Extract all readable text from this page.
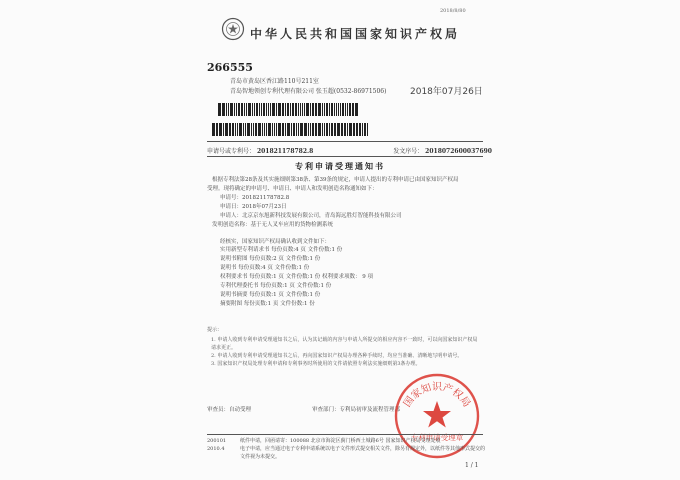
2018/8/80
中华人民共和国国家知识产权局
266555
青岛市黄岛区香江路110号211室
青岛智地领创专利代理有限公司 张玉超(0532-86971506)	2018年07月26日
申请号或专利号： 201821178782.8	发文序号： 2018072600037690
专利申请受理通知书
根据专利法第28条及其实施细则第38条、第39条的规定，申请人提出的专利申请已由国家知识产权局
受理。现将确定的申请号、申请日、申请人和发明创造名称通知如下：
申请号：201821178782.8
申请日：2018年07月23日
申请人：北京京东旭新科技发展有限公司，青岛海远胜灯智能科技有限公司
发明创造名称：基于无人叉车应用的货物检测系统
经核实，国家知识产权局确认收到文件如下：
实用新型专利请求书 每份页数:4 页 文件份数:1 份
说明书附图 每份页数:2 页 文件份数:1 份
说明书 每份页数:4 页 文件份数:1 份
权利要求书 每份页数:1 页 文件份数:1 份 权利要求项数： 9 项
专利代理委托书 每份页数:1 页 文件份数:1 份
说明书摘要 每份页数:1 页 文件份数:1 份
摘要附图 每份页数:1 页 文件份数:1 份
提示：
1. 申请人收到专利申请受理通知书之后，认为其记载的内容与申请人所提交的相应内容不一致时，可以向国家知识产权局
请求更正。
2. 申请人收到专利申请受理通知书之后，再向国家知识产权局办理各种手续时，均应当准确、清晰地写明申请号。
3. 国家知识产权局处理专利申请和专利事务时所使用的文件请依照专利法实施细则第3条办理。
审查员：自动受理	审查部门：专利局初审及流程管理部
国家知识产权局
专利申请受理章
200101
2010.4
纸件申请，回函请寄：100088 北京市海淀区蓟门桥西土城路6号 国家知识产权局受理处收
电子申请，应当通过电子专利申请系统以电子文件形式提交相关文件，除另有规定外，以纸件等其他形式提交的
文件视为未提交。
1 / 1
